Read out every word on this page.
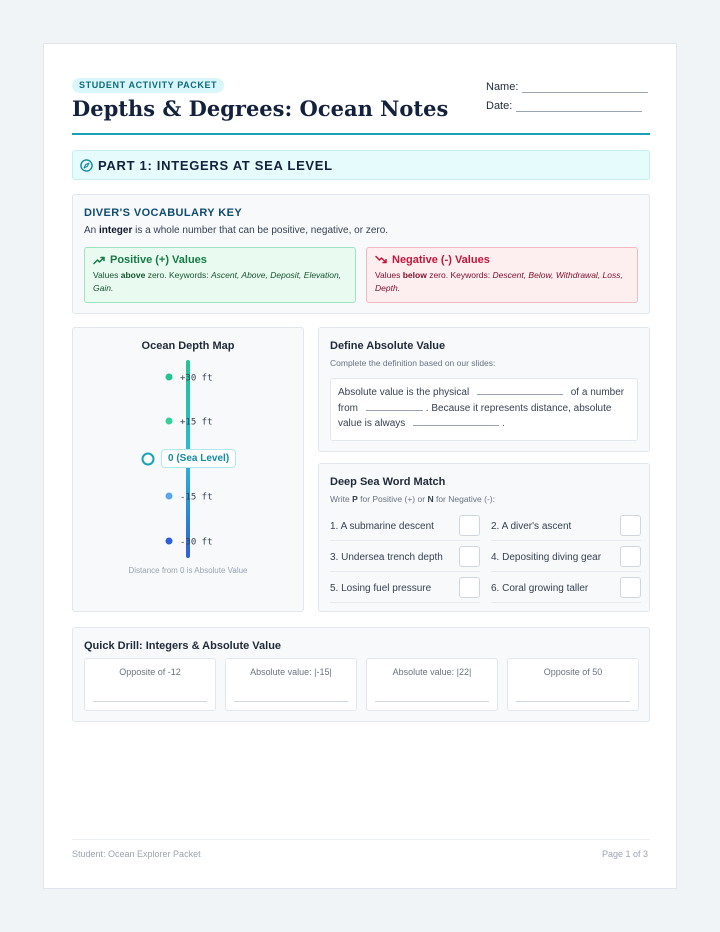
STUDENT ACTIVITY PACKET
Depths & Degrees: Ocean Notes
Name:
Date:
PART 1: INTEGERS AT SEA LEVEL
DIVER'S VOCABULARY KEY
An integer is a whole number that can be positive, negative, or zero.
Positive (+) Values
Values above zero. Keywords: Ascent, Above, Deposit, Elevation, Gain.
Negative (-) Values
Values below zero. Keywords: Descent, Below, Withdrawal, Loss, Depth.
Ocean Depth Map
+30 ft
+15 ft
-15 ft
-30 ft
0 (Sea Level)
Distance from 0 is Absolute Value
Define Absolute Value
Complete the definition based on our slides:
Absolute value is the physical	of a number
from	. Because it represents distance, absolute
value is always	.
Deep Sea Word Match
Write P for Positive (+) or N for Negative (-):
1. A submarine descent	2. A diver's ascent
3. Undersea trench depth	4. Depositing diving gear
5. Losing fuel pressure	6. Coral growing taller
Quick Drill: Integers & Absolute Value
Opposite of -12	Absolute value: |-15|	Absolute value: |22|	Opposite of 50
Student: Ocean Explorer Packet	Page 1 of 3
